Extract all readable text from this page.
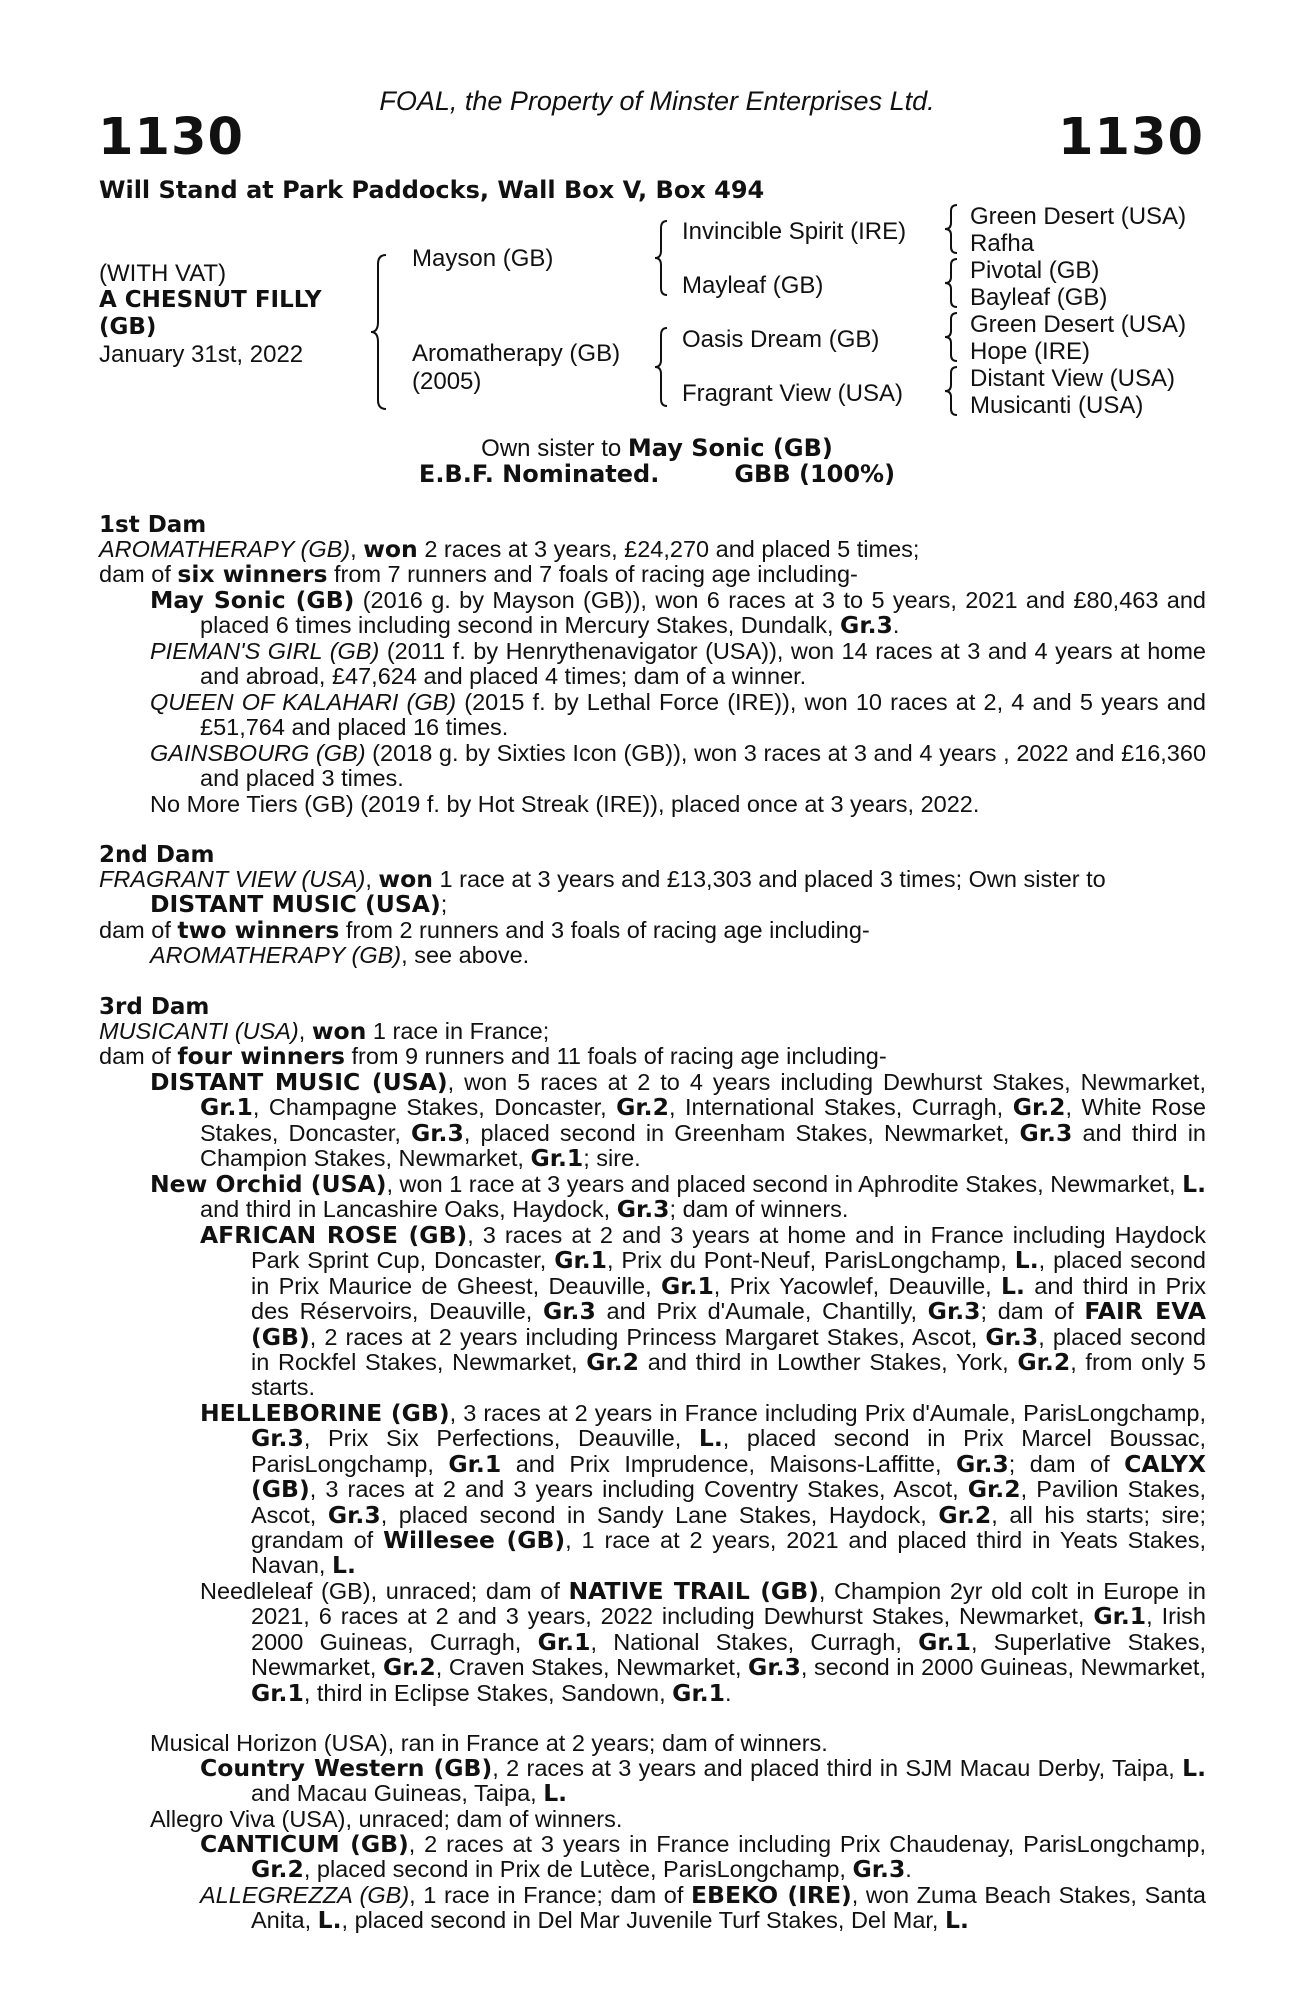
FOAL, the Property of Minster Enterprises Ltd.
1130	1130
Will Stand at Park Paddocks, Wall Box V, Box 494
(WITH VAT)
A CHESNUT FILLY
(GB)
January 31st, 2022
Mayson (GB)
Aromatherapy (GB)
(2005)
Invincible Spirit (IRE)
Mayleaf (GB)
Oasis Dream (GB)
Fragrant View (USA)
Green Desert (USA)
Rafha
Pivotal (GB)
Bayleaf (GB)
Green Desert (USA)
Hope (IRE)
Distant View (USA)
Musicanti (USA)
Own sister to May Sonic (GB)
E.B.F. Nominated.	GBB (100%)
1st Dam

AROMATHERAPY (GB), won 2 races at 3 years, £24,270 and placed 5 times;

dam of six winners from 7 runners and 7 foals of racing age including-

May Sonic (GB) (2016 g. by Mayson (GB)), won 6 races at 3 to 5 years, 2021 and £80,463 and placed 6 times including second in Mercury Stakes, Dundalk, Gr.3.

PIEMAN'S GIRL (GB) (2011 f. by Henrythenavigator (USA)), won 14 races at 3 and 4 years at home and abroad, £47,624 and placed 4 times; dam of a winner.

QUEEN OF KALAHARI (GB) (2015 f. by Lethal Force (IRE)), won 10 races at 2, 4 and 5 years and £51,764 and placed 16 times.

GAINSBOURG (GB) (2018 g. by Sixties Icon (GB)), won 3 races at 3 and 4 years , 2022 and £16,360 and placed 3 times.

No More Tiers (GB) (2019 f. by Hot Streak (IRE)), placed once at 3 years, 2022.

2nd Dam

FRAGRANT VIEW (USA), won 1 race at 3 years and £13,303 and placed 3 times; Own sister to
DISTANT MUSIC (USA);

dam of two winners from 2 runners and 3 foals of racing age including-

AROMATHERAPY (GB), see above.

3rd Dam

MUSICANTI (USA), won 1 race in France;

dam of four winners from 9 runners and 11 foals of racing age including-

DISTANT MUSIC (USA), won 5 races at 2 to 4 years including Dewhurst Stakes, Newmarket, Gr.1, Champagne Stakes, Doncaster, Gr.2, International Stakes, Curragh, Gr.2, White Rose Stakes, Doncaster, Gr.3, placed second in Greenham Stakes, Newmarket, Gr.3 and third in Champion Stakes, Newmarket, Gr.1; sire.

New Orchid (USA), won 1 race at 3 years and placed second in Aphrodite Stakes, Newmarket, L. and third in Lancashire Oaks, Haydock, Gr.3; dam of winners.

AFRICAN ROSE (GB), 3 races at 2 and 3 years at home and in France including Haydock Park Sprint Cup, Doncaster, Gr.1, Prix du Pont-Neuf, ParisLongchamp, L., placed second in Prix Maurice de Gheest, Deauville, Gr.1, Prix Yacowlef, Deauville, L. and third in Prix des Réservoirs, Deauville, Gr.3 and Prix d'Aumale, Chantilly, Gr.3; dam of FAIR EVA (GB), 2 races at 2 years including Princess Margaret Stakes, Ascot, Gr.3, placed second in Rockfel Stakes, Newmarket, Gr.2 and third in Lowther Stakes, York, Gr.2, from only 5 starts.

HELLEBORINE (GB), 3 races at 2 years in France including Prix d'Aumale, ParisLongchamp, Gr.3, Prix Six Perfections, Deauville, L., placed second in Prix Marcel Boussac, ParisLongchamp, Gr.1 and Prix Imprudence, Maisons-Laffitte, Gr.3; dam of CALYX (GB), 3 races at 2 and 3 years including Coventry Stakes, Ascot, Gr.2, Pavilion Stakes, Ascot, Gr.3, placed second in Sandy Lane Stakes, Haydock, Gr.2, all his starts; sire; grandam of Willesee (GB), 1 race at 2 years, 2021 and placed third in Yeats Stakes, Navan, L.

Needleleaf (GB), unraced; dam of NATIVE TRAIL (GB), Champion 2yr old colt in Europe in 2021, 6 races at 2 and 3 years, 2022 including Dewhurst Stakes, Newmarket, Gr.1, Irish 2000 Guineas, Curragh, Gr.1, National Stakes, Curragh, Gr.1, Superlative Stakes, Newmarket, Gr.2, Craven Stakes, Newmarket, Gr.3, second in 2000 Guineas, Newmarket, Gr.1, third in Eclipse Stakes, Sandown, Gr.1.

Musical Horizon (USA), ran in France at 2 years; dam of winners.

Country Western (GB), 2 races at 3 years and placed third in SJM Macau Derby, Taipa, L. and Macau Guineas, Taipa, L.

Allegro Viva (USA), unraced; dam of winners.

CANTICUM (GB), 2 races at 3 years in France including Prix Chaudenay, ParisLongchamp, Gr.2, placed second in Prix de Lutèce, ParisLongchamp, Gr.3.

ALLEGREZZA (GB), 1 race in France; dam of EBEKO (IRE), won Zuma Beach Stakes, Santa Anita, L., placed second in Del Mar Juvenile Turf Stakes, Del Mar, L.
